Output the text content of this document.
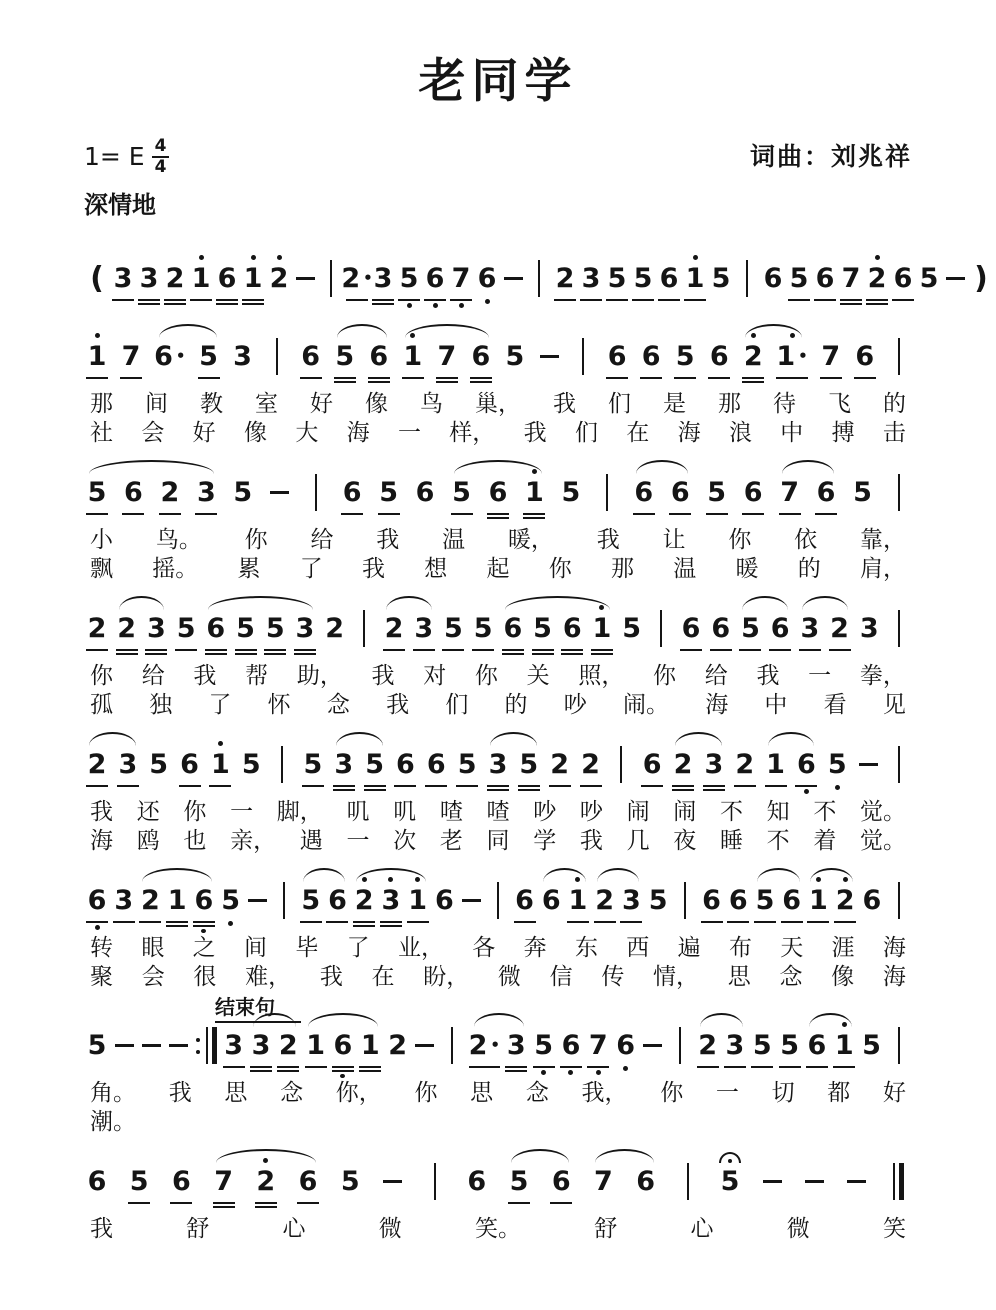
老同学
1= E $\frac{4}{4}$	词曲：刘兆祥
深情地
( 3 3 2 1 6 1 2 2 • 3 5 6 7 6 2 3 5 5 6 1 5 6 5 6 7 2 6 5 )
1 7 6 • 5 3 6 5 6 1 7 6 5	6 6 5 6 2 1 • 7 6
那 间 教 室 好 像 鸟 巢， 我 们 是 那 待 飞 的
社 会 好 像 大 海 一 样， 我 们 在 海 浪 中 搏 击
5 6 2 3 5	6 5 6 5 6 1 5 6 6 5 6 7 6 5
小 鸟。 你 给 我 温 暖， 我 让 你 依 靠，
飘 摇。 累 了 我 想 起 你 那 温 暖 的 肩，
2 2 3 5 6 5 5 3 2 2 3 5 5 6 5 6 1 5 6 6 5 6 3 2 3
你 给 我 帮 助， 我 对 你 关 照， 你 给 我 一 拳，
孤 独 了 怀 念 我 们 的 吵 闹。 海 中 看 见
2 3 5 6 1 5 5 3 5 6 6 5 3 5 2 2 6 2 3 2 1 6 5
我 还 你 一 脚， 叽 叽 喳 喳 吵 吵 闹 闹 不 知 不 觉。
海 鸥 也 亲， 遇 一 次 老 同 学 我 几 夜 睡 不 着 觉。
6 3 2 1 6 5 5 6 2 3 1 6 6 6 1 2 3 5 6 6 5 6 1 2 6
转 眼 之 间 毕 了 业， 各 奔 东 西 遍 布 天 涯 海
聚 会 很 难， 我 在 盼， 微 信 传 情， 思 念 像 海
5	3 3 2 1 6 1 2 2 • 3 5 6 7 6 2 3 5 5 6 1 5
结束句
角。 我 思 念 你， 你 思 念 我， 你 一 切 都 好
潮。
6 5 6 7 2 6 5	6 5 6 7 6 5
我	舒	心	微	笑。	舒	心	微	笑
